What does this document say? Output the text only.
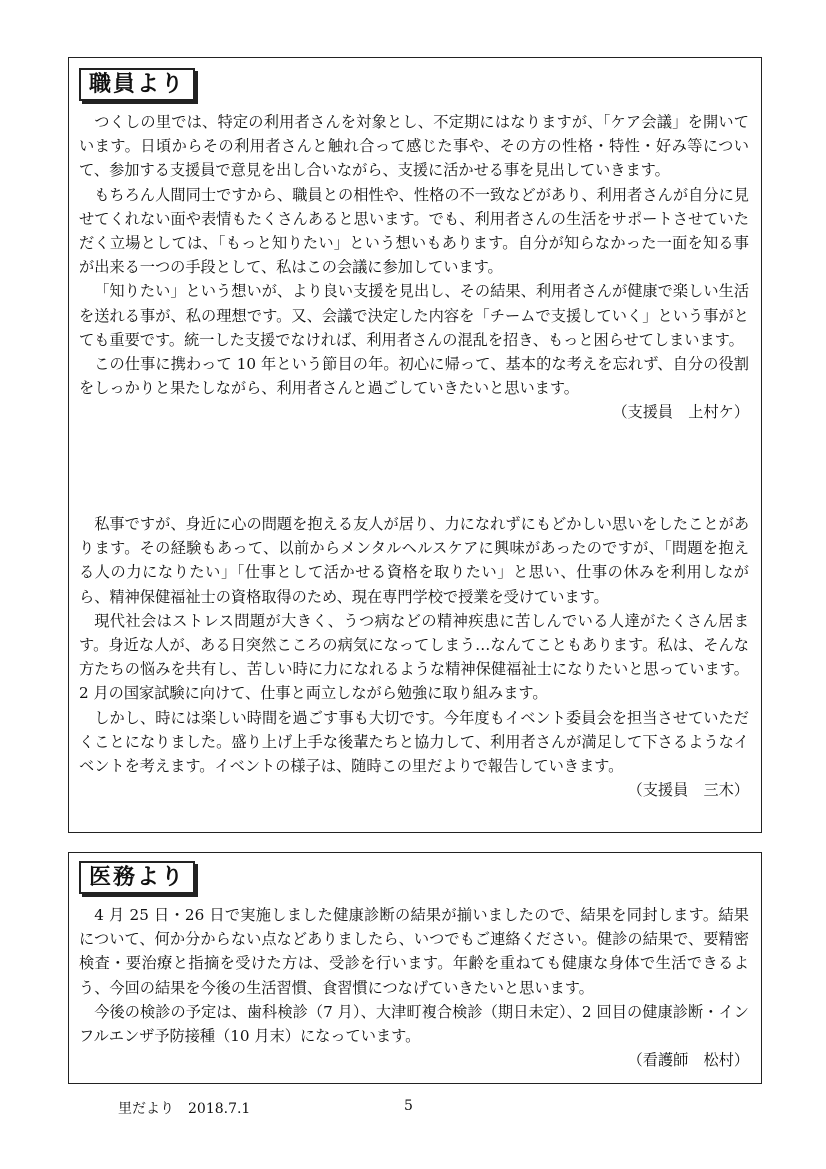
職員より

つくしの里では、特定の利用者さんを対象とし、不定期にはなりますが、「ケア会議」を開いています。日頃からその利用者さんと触れ合って感じた事や、その方の性格・特性・好み等について、参加する支援員で意見を出し合いながら、支援に活かせる事を見出していきます。

もちろん人間同士ですから、職員との相性や、性格の不一致などがあり、利用者さんが自分に見せてくれない面や表情もたくさんあると思います。でも、利用者さんの生活をサポートさせていただく立場としては、「もっと知りたい」という想いもあります。自分が知らなかった一面を知る事が出来る一つの手段として、私はこの会議に参加しています。

「知りたい」という想いが、より良い支援を見出し、その結果、利用者さんが健康で楽しい生活を送れる事が、私の理想です。又、会議で決定した内容を「チームで支援していく」という事がとても重要です。統一した支援でなければ、利用者さんの混乱を招き、もっと困らせてしまいます。

この仕事に携わって 10 年という節目の年。初心に帰って、基本的な考えを忘れず、自分の役割をしっかりと果たしながら、利用者さんと過ごしていきたいと思います。

（支援員　上村ケ）

私事ですが、身近に心の問題を抱える友人が居り、力になれずにもどかしい思いをしたことがあります。その経験もあって、以前からメンタルヘルスケアに興味があったのですが、「問題を抱える人の力になりたい」「仕事として活かせる資格を取りたい」と思い、仕事の休みを利用しながら、精神保健福祉士の資格取得のため、現在専門学校で授業を受けています。

現代社会はストレス問題が大きく、うつ病などの精神疾患に苦しんでいる人達がたくさん居ます。身近な人が、ある日突然こころの病気になってしまう…なんてこともあります。私は、そんな方たちの悩みを共有し、苦しい時に力になれるような精神保健福祉士になりたいと思っています。2 月の国家試験に向けて、仕事と両立しながら勉強に取り組みます。

しかし、時には楽しい時間を過ごす事も大切です。今年度もイベント委員会を担当させていただくことになりました。盛り上げ上手な後輩たちと協力して、利用者さんが満足して下さるようなイベントを考えます。イベントの様子は、随時この里だよりで報告していきます。

（支援員　三木）
医務より

4 月 25 日・26 日で実施しました健康診断の結果が揃いましたので、結果を同封します。結果について、何か分からない点などありましたら、いつでもご連絡ください。健診の結果で、要精密検査・要治療と指摘を受けた方は、受診を行います。年齢を重ねても健康な身体で生活できるよう、今回の結果を今後の生活習慣、食習慣につなげていきたいと思います。

今後の検診の予定は、歯科検診（7 月）、大津町複合検診（期日未定）、2 回目の健康診断・インフルエンザ予防接種（10 月末）になっています。

（看護師　松村）
里だより　2018.7.1	5
